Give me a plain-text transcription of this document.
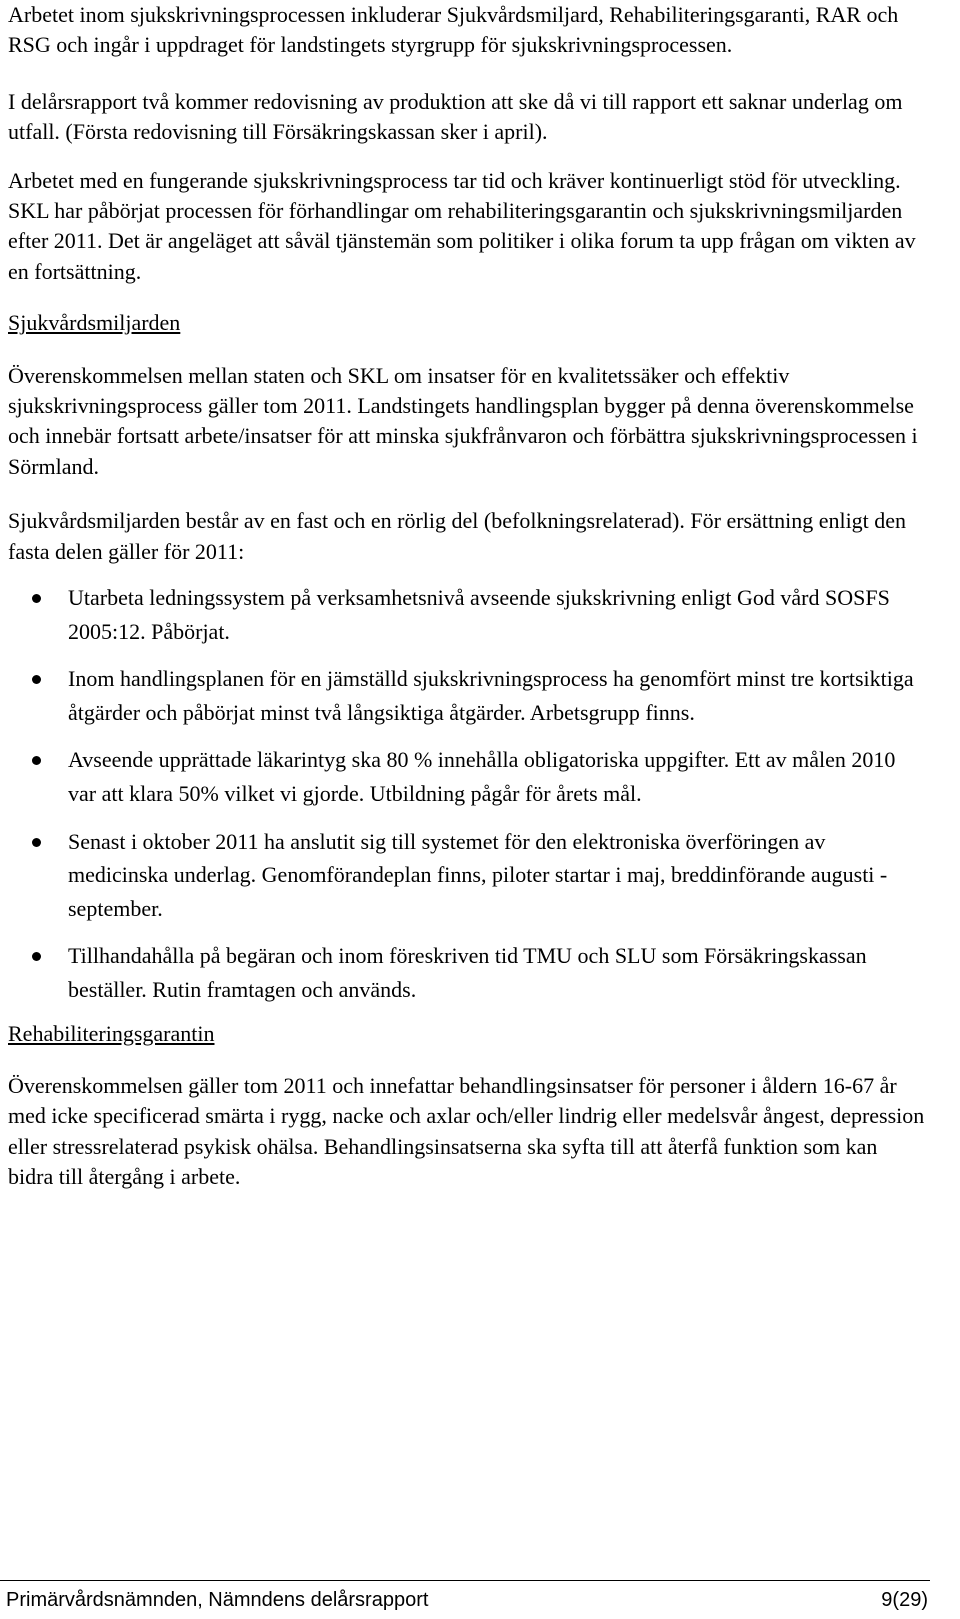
Arbetet inom sjukskrivningsprocessen inkluderar Sjukvårdsmiljard, Rehabiliteringsgaranti, RAR och RSG och ingår i uppdraget för landstingets styrgrupp för sjukskrivningsprocessen.

I delårsrapport två kommer redovisning av produktion att ske då vi till rapport ett saknar underlag om utfall. (Första redovisning till Försäkringskassan sker i april).

Arbetet med en fungerande sjukskrivningsprocess tar tid och kräver kontinuerligt stöd för utveckling. SKL har påbörjat processen för förhandlingar om rehabiliteringsgarantin och sjukskrivningsmiljarden efter 2011. Det är angeläget att såväl tjänstemän som politiker i olika forum ta upp frågan om vikten av en fortsättning.

Sjukvårdsmiljarden

Överenskommelsen mellan staten och SKL om insatser för en kvalitetssäker och effektiv sjukskrivningsprocess gäller tom 2011. Landstingets handlingsplan bygger på denna överenskommelse och innebär fortsatt arbete/insatser för att minska sjukfrånvaron och förbättra sjukskrivningsprocessen i Sörmland.

Sjukvårdsmiljarden består av en fast och en rörlig del (befolkningsrelaterad). För ersättning enligt den fasta delen gäller för 2011:

Utarbeta ledningssystem på verksamhetsnivå avseende sjukskrivning enligt God vård SOSFS 2005:12. Påbörjat.
Inom handlingsplanen för en jämställd sjukskrivningsprocess ha genomfört minst tre kortsiktiga åtgärder och påbörjat minst två långsiktiga åtgärder. Arbetsgrupp finns.
Avseende upprättade läkarintyg ska 80 % innehålla obligatoriska uppgifter. Ett av målen 2010 var att klara 50% vilket vi gjorde. Utbildning pågår för årets mål.
Senast i oktober 2011 ha anslutit sig till systemet för den elektroniska överföringen av medicinska underlag. Genomförandeplan finns, piloter startar i maj, breddinförande augusti - september.
Tillhandahålla på begäran och inom föreskriven tid TMU och SLU som Försäkringskassan beställer. Rutin framtagen och används.

Rehabiliteringsgarantin

Överenskommelsen gäller tom 2011 och innefattar behandlingsinsatser för personer i åldern 16-67 år med icke specificerad smärta i rygg, nacke och axlar och/eller lindrig eller medelsvår ångest, depression eller stressrelaterad psykisk ohälsa. Behandlingsinsatserna ska syfta till att återfå funktion som kan bidra till återgång i arbete.

Primärvårdsnämnden, Nämndens delårsrapport	9(29)
